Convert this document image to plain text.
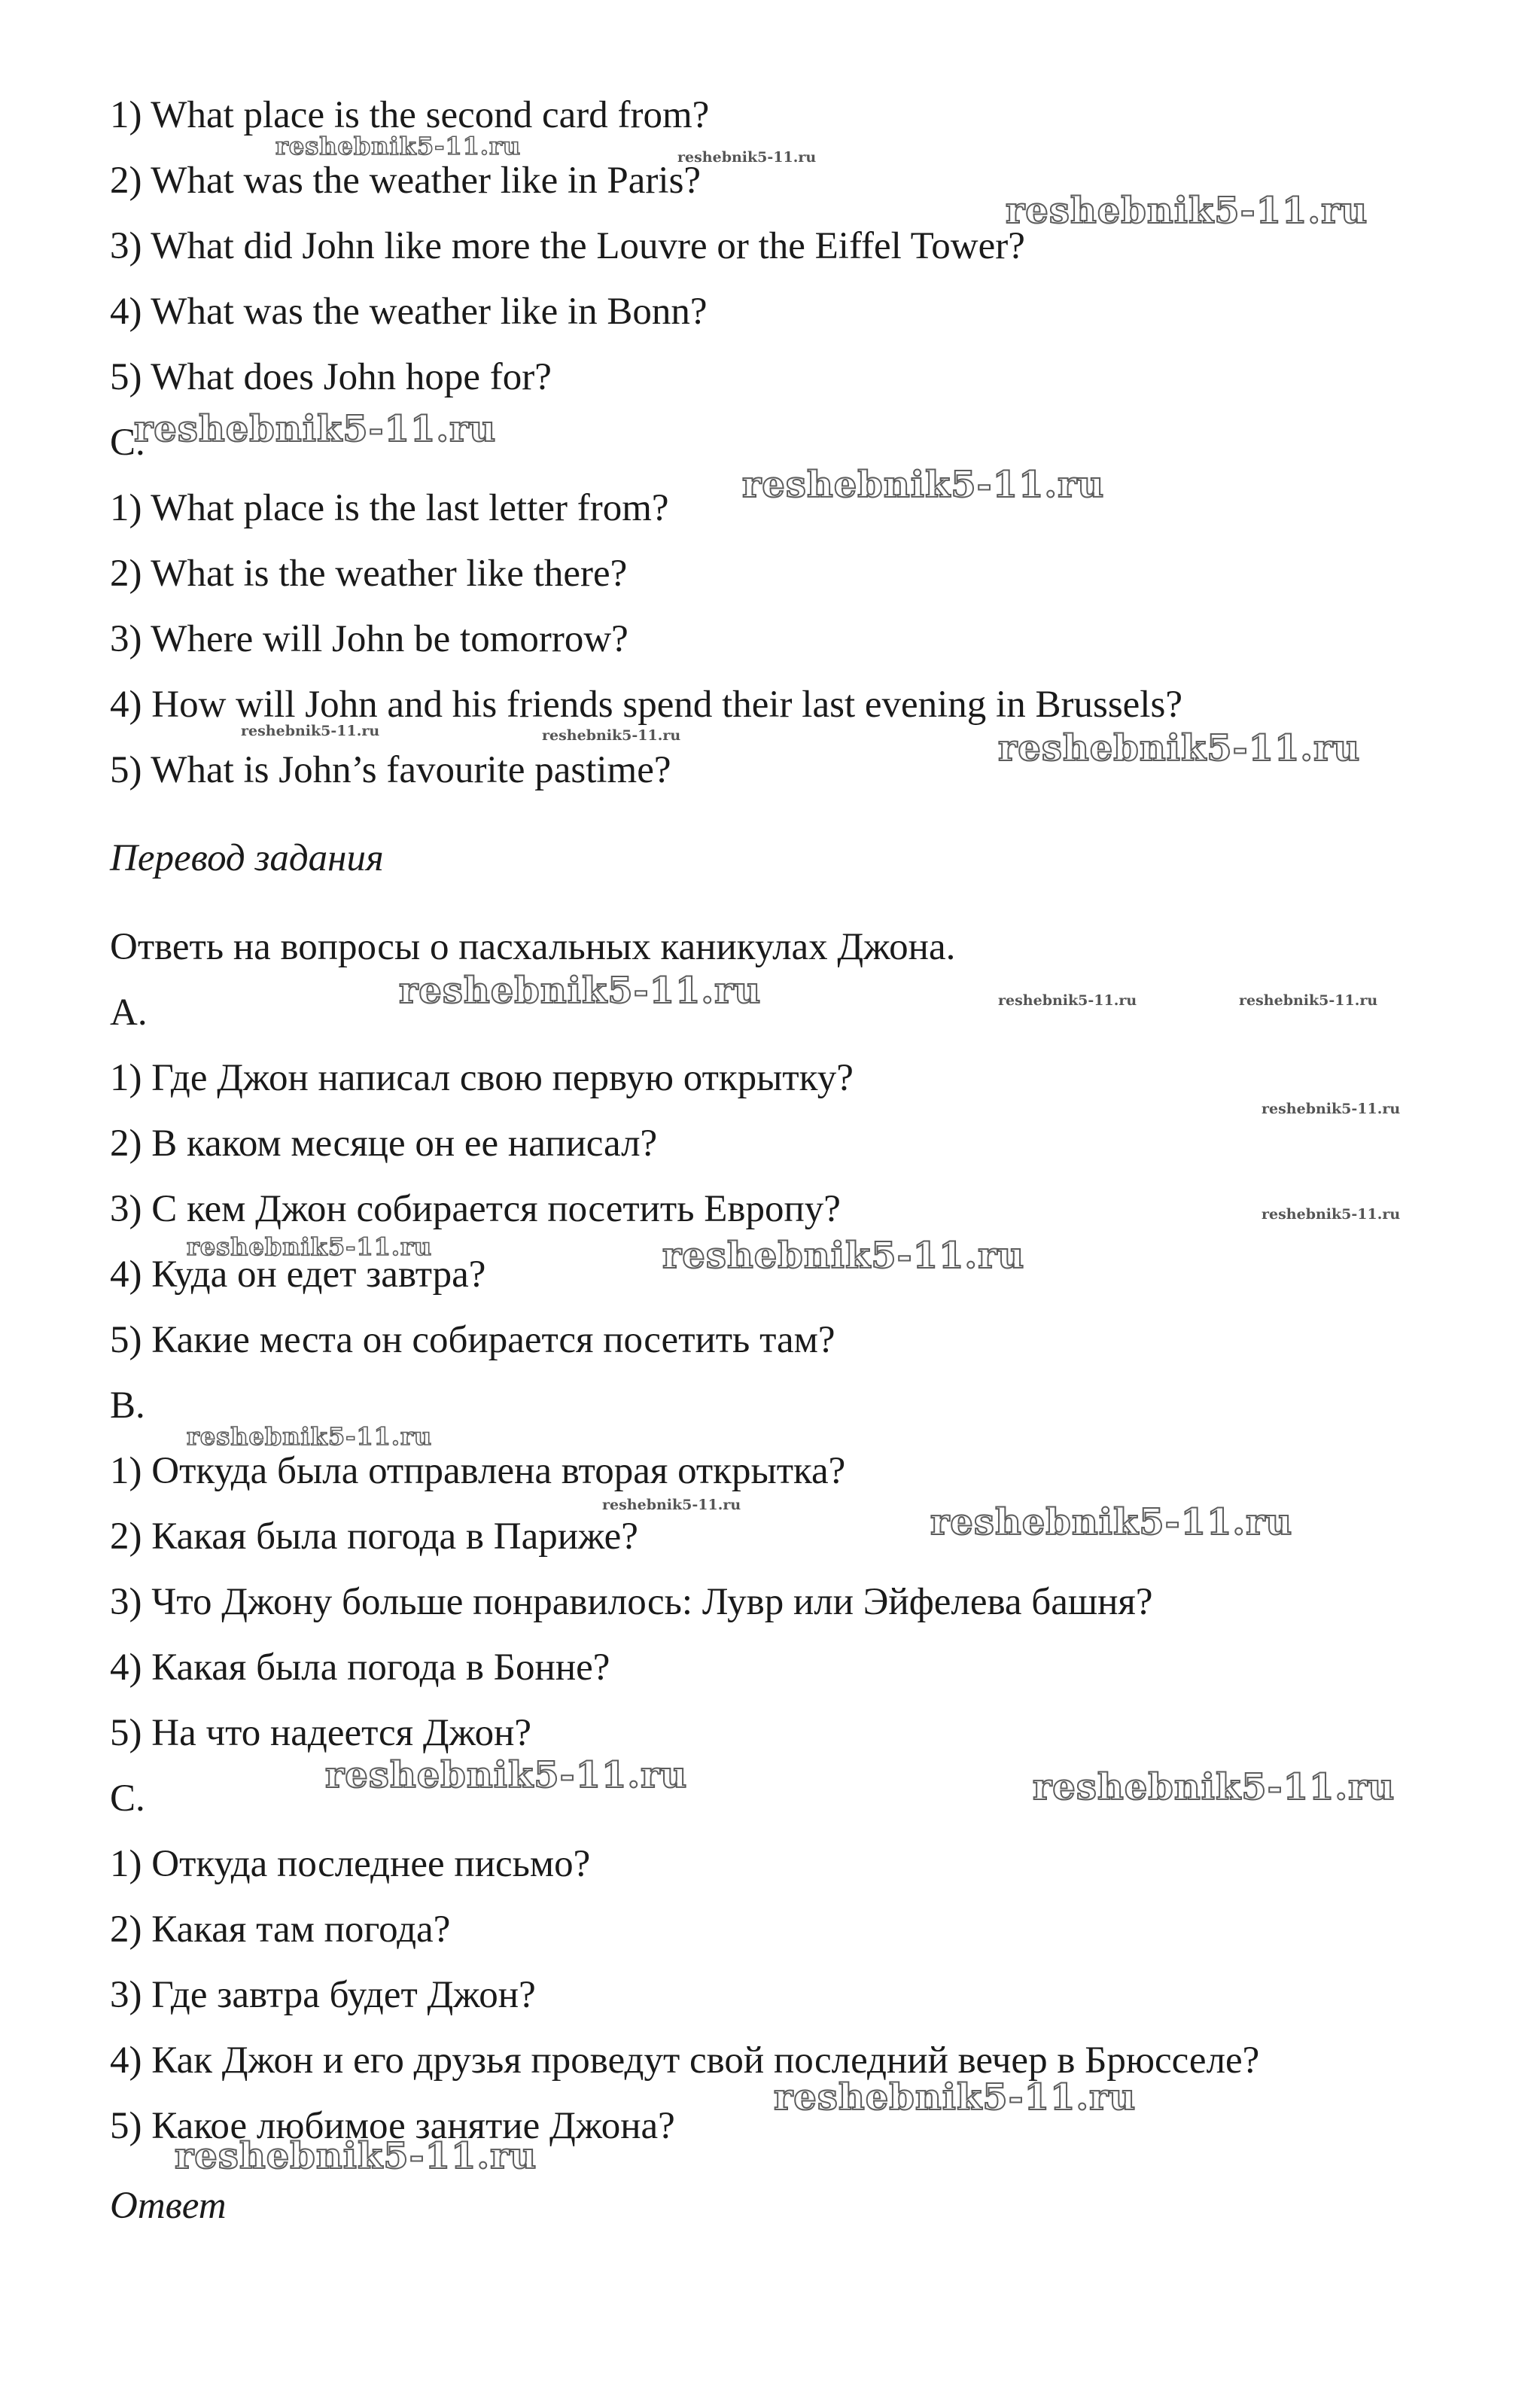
1) What place is the second card from?
2) What was the weather like in Paris?
3) What did John like more the Louvre or the Eiffel Tower?
4) What was the weather like in Bonn?
5) What does John hope for?
C.
1) What place is the last letter from?
2) What is the weather like there?
3) Where will John be tomorrow?
4) How will John and his friends spend their last evening in Brussels?
5) What is John’s favourite pastime?
Перевод задания
Ответь на вопросы о пасхальных каникулах Джона.
A.
1) Где Джон написал свою первую открытку?
2) В каком месяце он ее написал?
3) С кем Джон собирается посетить Европу?
4) Куда он едет завтра?
5) Какие места он собирается посетить там?
B.
1) Откуда была отправлена вторая открытка?
2) Какая была погода в Париже?
3) Что Джону больше понравилось: Лувр или Эйфелева башня?
4) Какая была погода в Бонне?
5) На что надеется Джон?
C.
1) Откуда последнее письмо?
2) Какая там погода?
3) Где завтра будет Джон?
4) Как Джон и его друзья проведут свой последний вечер в Брюсселе?
5) Какое любимое занятие Джона?
Ответ
reshebnik5-11.ru	reshebnik5-11.ru
reshebnik5-11.ru
reshebnik5-11.ru
reshebnik5-11.ru
reshebnik5-11.ru	reshebnik5-11.ru	reshebnik5-11.ru
reshebnik5-11.ru	reshebnik5-11.ru	reshebnik5-11.ru
reshebnik5-11.ru
reshebnik5-11.ru
reshebnik5-11.ru	reshebnik5-11.ru
reshebnik5-11.ru
reshebnik5-11.ru	reshebnik5-11.ru
reshebnik5-11.ru	reshebnik5-11.ru
reshebnik5-11.ru
reshebnik5-11.ru
